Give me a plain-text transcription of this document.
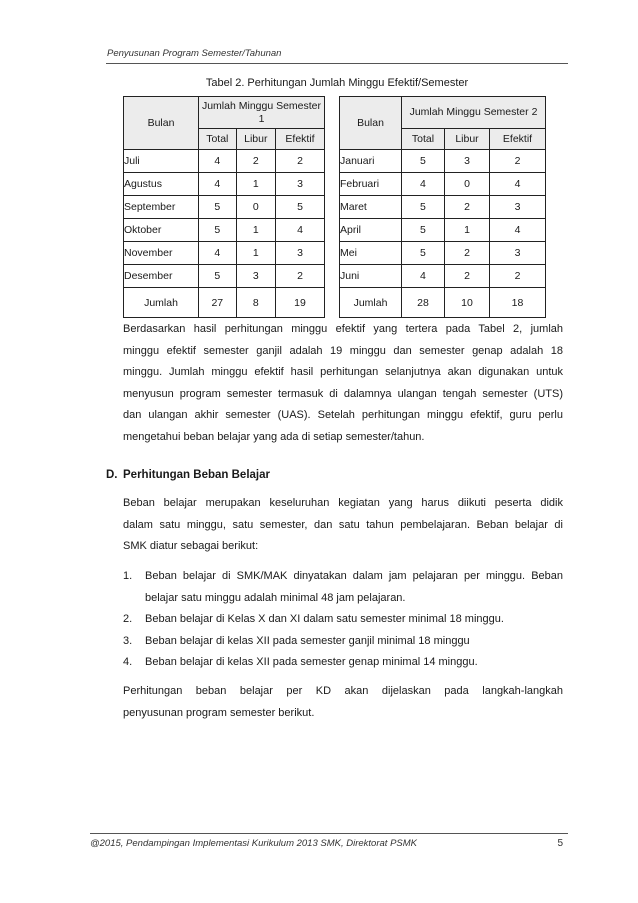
Penyusunan Program Semester/Tahunan
Tabel 2. Perhitungan Jumlah Minggu Efektif/Semester
Bulan	Jumlah Minggu Semester 1		
	Total	Libur	Efektif
Juli	4	2	2
Agustus	4	1	3
September	5	0	5
Oktober	5	1	4
November	4	1	3
Desember	5	3	2
Jumlah	27	8	19
Bulan	Jumlah Minggu Semester 2		
	Total	Libur	Efektif
Januari	5	3	2
Februari	4	0	4
Maret	5	2	3
April	5	1	4
Mei	5	2	3
Juni	4	2	2
Jumlah	28	10	18
Berdasarkan hasil perhitungan minggu efektif yang tertera pada Tabel 2, jumlah
minggu efektif semester ganjil adalah 19 minggu dan semester genap adalah 18
minggu. Jumlah minggu efektif hasil perhitungan selanjutnya akan digunakan untuk
menyusun program semester termasuk di dalamnya ulangan tengah semester (UTS)
dan ulangan akhir semester (UAS). Setelah perhitungan minggu efektif, guru perlu
mengetahui beban belajar yang ada di setiap semester/tahun.
D. Perhitungan Beban Belajar
Beban belajar merupakan keseluruhan kegiatan yang harus diikuti peserta didik
dalam satu minggu, satu semester, dan satu tahun pembelajaran. Beban belajar di
SMK diatur sebagai berikut:
1. Beban belajar di SMK/MAK dinyatakan dalam jam pelajaran per minggu. Beban
belajar satu minggu adalah minimal 48 jam pelajaran.
2. Beban belajar di Kelas X dan XI dalam satu semester minimal 18 minggu.
3. Beban belajar di kelas XII pada semester ganjil minimal 18 minggu
4. Beban belajar di kelas XII pada semester genap minimal 14 minggu.
Perhitungan beban belajar per KD akan dijelaskan pada langkah-langkah
penyusunan program semester berikut.
@2015, Pendampingan Implementasi Kurikulum 2013 SMK, Direktorat PSMK	5
